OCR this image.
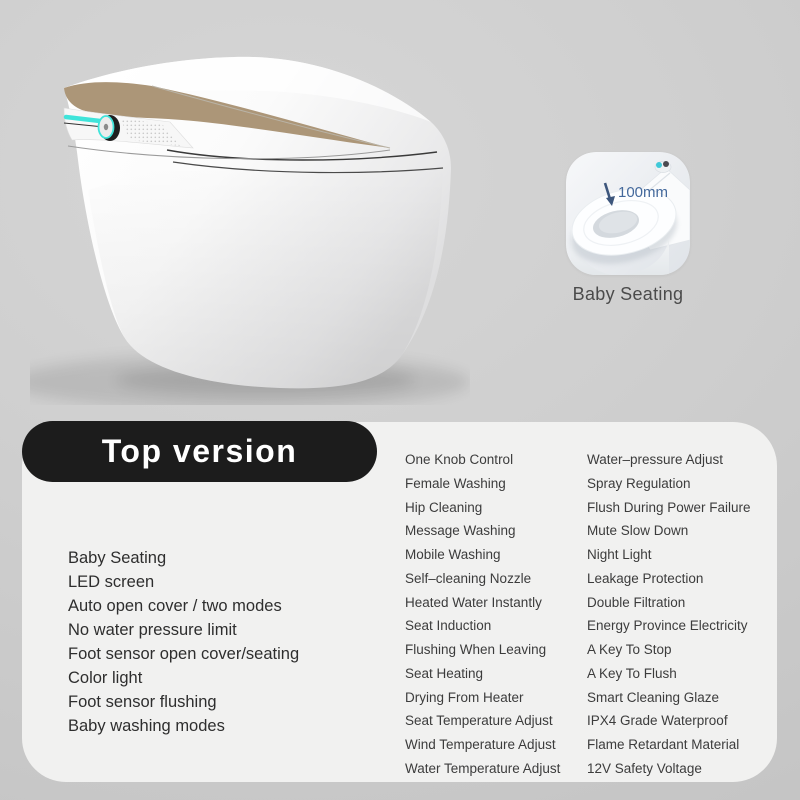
100mm
Baby Seating
Top version
Baby Seating
LED screen
Auto open cover / two modes
No water pressure limit
Foot sensor open cover/seating
Color light
Foot sensor flushing
Baby washing modes
One Knob Control
Female Washing
Hip Cleaning
Message Washing
Mobile Washing
Self–cleaning Nozzle
Heated Water Instantly
Seat Induction
Flushing When Leaving
Seat Heating
Drying From Heater
Seat Temperature Adjust
Wind Temperature Adjust
Water Temperature Adjust
Water–pressure Adjust
Spray Regulation
Flush During Power Failure
Mute Slow Down
Night Light
Leakage Protection
Double Filtration
Energy Province Electricity
A Key To Stop
A Key To Flush
Smart Cleaning Glaze
IPX4 Grade Waterproof
Flame Retardant Material
12V Safety Voltage
